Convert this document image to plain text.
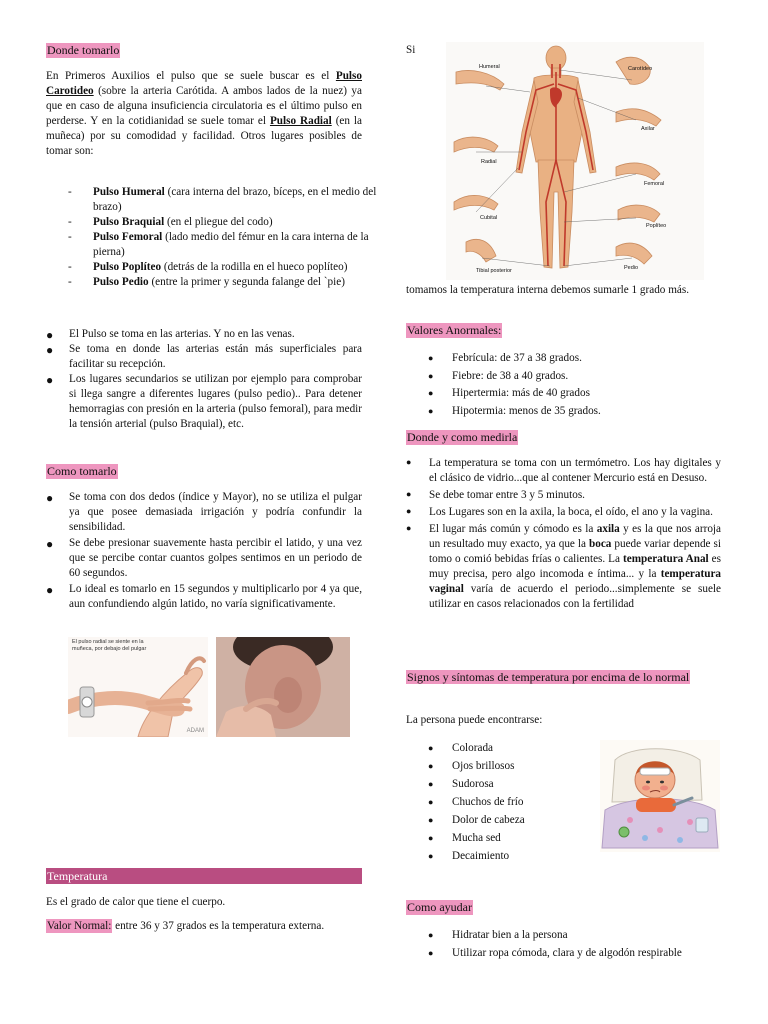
Donde tomarlo

En Primeros Auxilios el pulso que se suele buscar es el Pulso Carotideo (sobre la arteria Carótida. A ambos lados de la nuez) ya que en caso de alguna insuficiencia circulatoria es el último pulso en perderse. Y en la cotidianidad se suele tomar el Pulso Radial (en la muñeca) por su comodidad y facilidad. Otros lugares posibles de tomar son:

- Pulso Humeral (cara interna del brazo, bíceps, en el medio del brazo)
- Pulso Braquial (en el pliegue del codo)
- Pulso Femoral (lado medio del fémur en la cara interna de la pierna)
- Pulso Poplíteo (detrás de la rodilla en el hueco poplíteo)
- Pulso Pedio (entre la primer y segunda falange del `pie)
● El Pulso se toma en las arterias. Y no en las venas.
● Se toma en donde las arterias están más superficiales para facilitar su recepción.
● Los lugares secundarios se utilizan por ejemplo para comprobar si llega sangre a diferentes lugares (pulso pedio).. Para detener hemorragias con presión en la arteria (pulso femoral), para medir la tensión arterial (pulso Braquial), etc.
Como tomarlo
● Se toma con dos dedos (índice y Mayor), no se utiliza el pulgar ya que posee demasiada irrigación y podría confundir la sensibilidad.
● Se debe presionar suavemente hasta percibir el latido, y una vez que se percibe contar cuantos golpes sentimos en un periodo de 60 segundos.
● Lo ideal es tomarlo en 15 segundos y multiplicarlo por 4 ya que, aun confundiendo algún latido, no varía significativamente.
El pulso radial se siente en la muñeca, por debajo del pulgar
ADAM
Temperatura

Es el grado de calor que tiene el cuerpo.

Valor Normal: entre 36 y 37 grados es la temperatura externa.

Si

Humeral	Carotídeo
Axilar
Radial
Femoral
Cubital
Poplíteo
Tibial posterior	Pedio

tomamos la temperatura interna debemos sumarle 1 grado más.

Valores Anormales:
● Febrícula: de 37 a 38 grados.
● Fiebre: de 38 a 40 grados.
● Hipertermia: más de 40 grados
● Hipotermia: menos de 35 grados.
Donde y como medirla
● La temperatura se toma con un termómetro. Los hay digitales y el clásico de vidrio...que al contener Mercurio está en Desuso.
● Se debe tomar entre 3 y 5 minutos.
● Los Lugares son en la axila, la boca, el oído, el ano y la vagina.
● El lugar más común y cómodo es la axila y es la que nos arroja un resultado muy exacto, ya que la boca puede variar depende si tomo o comió bebidas frías o calientes. La temperatura Anal es muy precisa, pero algo incomoda e íntima... y la temperatura vaginal varía de acuerdo el periodo...simplemente se suele utilizar en casos relacionados con la fertilidad
Signos y síntomas de temperatura por encima de lo normal

La persona puede encontrarse:

● Colorada
● Ojos brillosos
● Sudorosa
● Chuchos de frío
● Dolor de cabeza
● Mucha sed
● Decaimiento
Como ayudar
● Hidratar bien a la persona
● Utilizar ropa cómoda, clara y de algodón respirable
